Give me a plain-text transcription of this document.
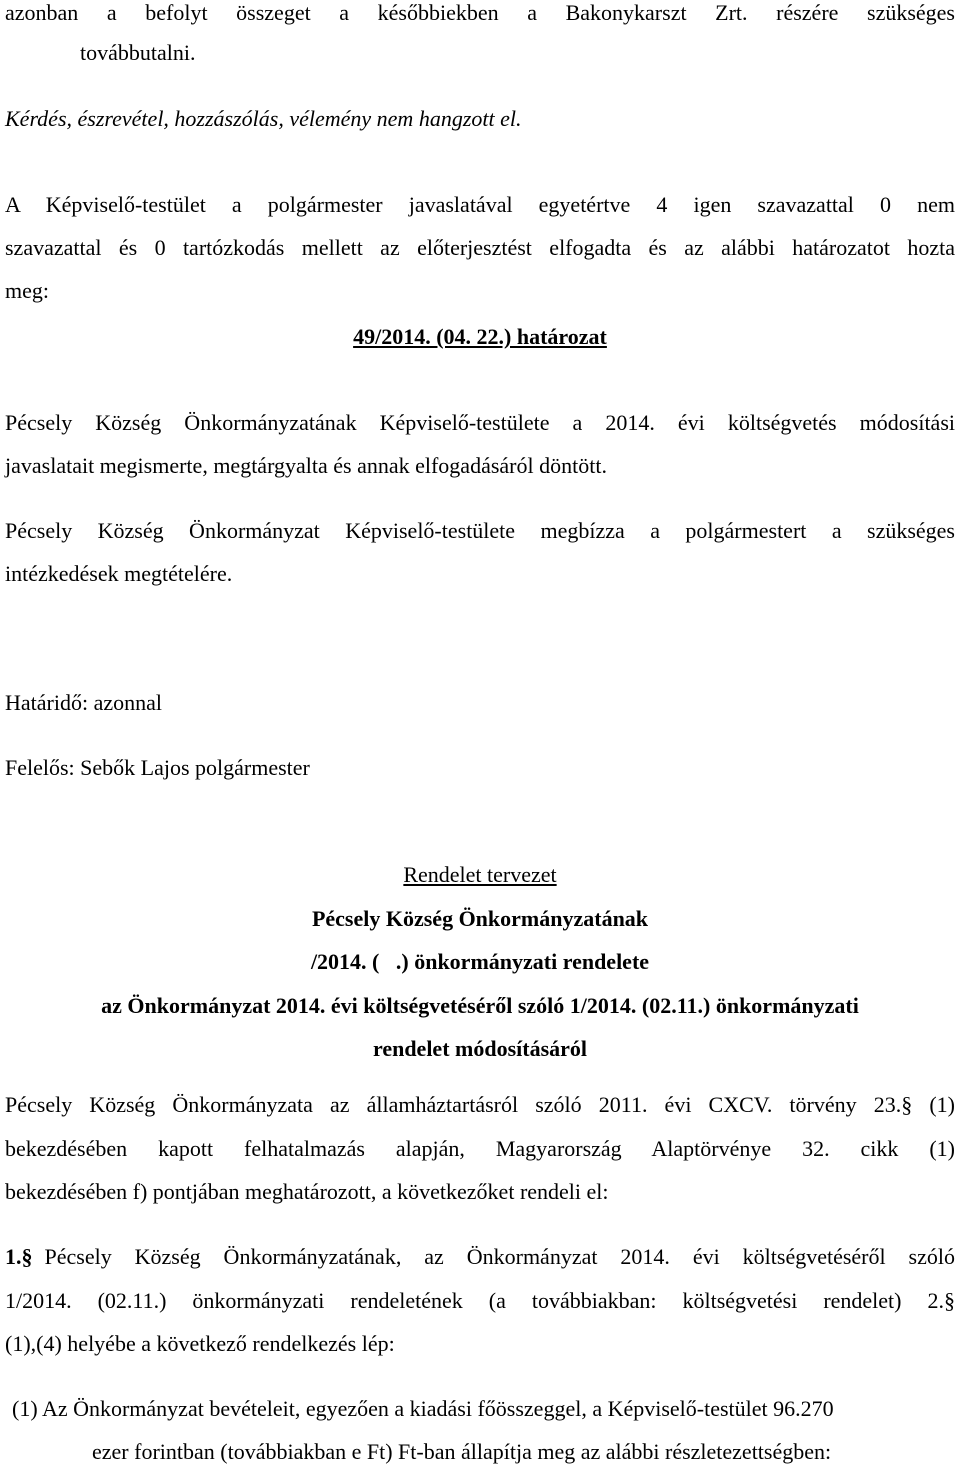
azonban a befolyt összeget a későbbiekben a Bakonykarszt Zrt. részére szükséges
továbbutalni.
Kérdés, észrevétel, hozzászólás, vélemény nem hangzott el.
A Képviselő-testület a polgármester javaslatával egyetértve 4 igen szavazattal 0 nem
szavazattal és 0 tartózkodás mellett az előterjesztést elfogadta és az alábbi határozatot hozta
meg:
49/2014. (04. 22.) határozat
Pécsely Község Önkormányzatának Képviselő-testülete a 2014. évi költségvetés módosítási
javaslatait megismerte, megtárgyalta és annak elfogadásáról döntött.
Pécsely Község Önkormányzat Képviselő-testülete megbízza a polgármestert a szükséges
intézkedések megtételére.
Határidő: azonnal
Felelős: Sebők Lajos polgármester
Rendelet tervezet
Pécsely Község Önkormányzatának
/2014. (   .) önkormányzati rendelete
az Önkormányzat 2014. évi költségvetéséről szóló 1/2014. (02.11.) önkormányzati
rendelet módosításáról
Pécsely Község Önkormányzata az államháztartásról szóló 2011. évi CXCV. törvény 23.§ (1)
bekezdésében kapott felhatalmazás alapján, Magyarország Alaptörvénye 32. cikk (1)
bekezdésében f) pontjában meghatározott, a következőket rendeli el:
1.§ Pécsely Község Önkormányzatának, az Önkormányzat 2014. évi költségvetéséről szóló
1/2014. (02.11.) önkormányzati rendeletének (a továbbiakban: költségvetési rendelet) 2.§
(1),(4) helyébe a következő rendelkezés lép:
(1) Az Önkormányzat bevételeit, egyezően a kiadási főösszeggel, a Képviselő-testület 96.270
ezer forintban (továbbiakban e Ft) Ft-ban állapítja meg az alábbi részletezettségben:
